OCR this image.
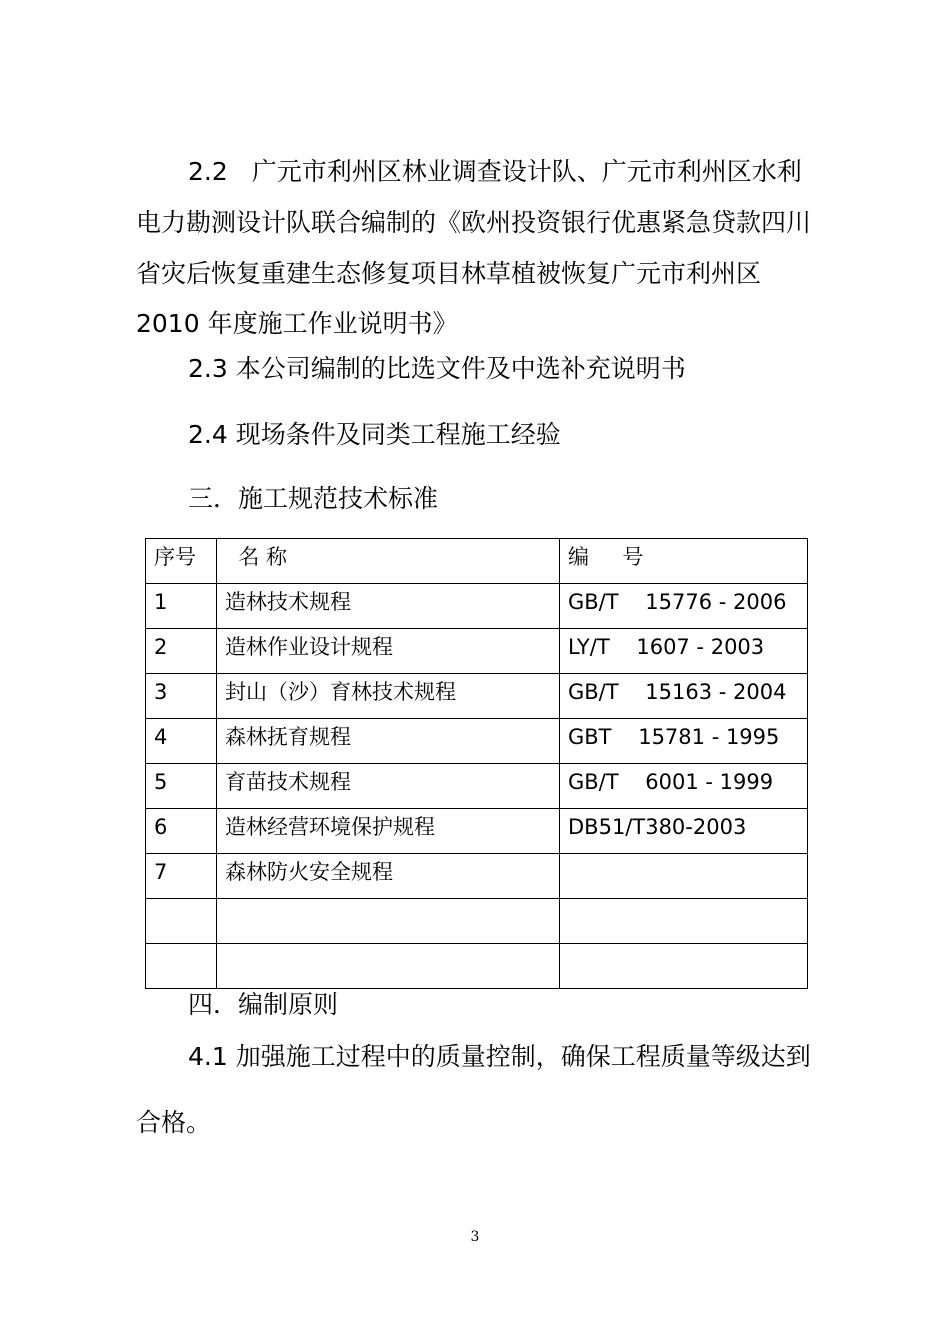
2.2 广元市利州区林业调查设计队、广元市利州区水利

电力勘测设计队联合编制的《欧州投资银行优惠紧急贷款四川

省灾后恢复重建生态修复项目林草植被恢复广元市利州区

2010 年度施工作业说明书》

2.3 本公司编制的比选文件及中选补充说明书

2.4 现场条件及同类工程施工经验

三．施工规范技术标准

序号	名 称	编     号
1	造林技术规程	GB/T    15776 - 2006
2	造林作业设计规程	LY/T    1607 - 2003
3	封山（沙）育林技术规程	GB/T    15163 - 2004
4	森林抚育规程	GBT    15781 - 1995
5	育苗技术规程	GB/T    6001 - 1999
6	造林经营环境保护规程	DB51/T380-2003
7	森林防火安全规程	

四．编制原则

4.1 加强施工过程中的质量控制，确保工程质量等级达到

合格。

3
